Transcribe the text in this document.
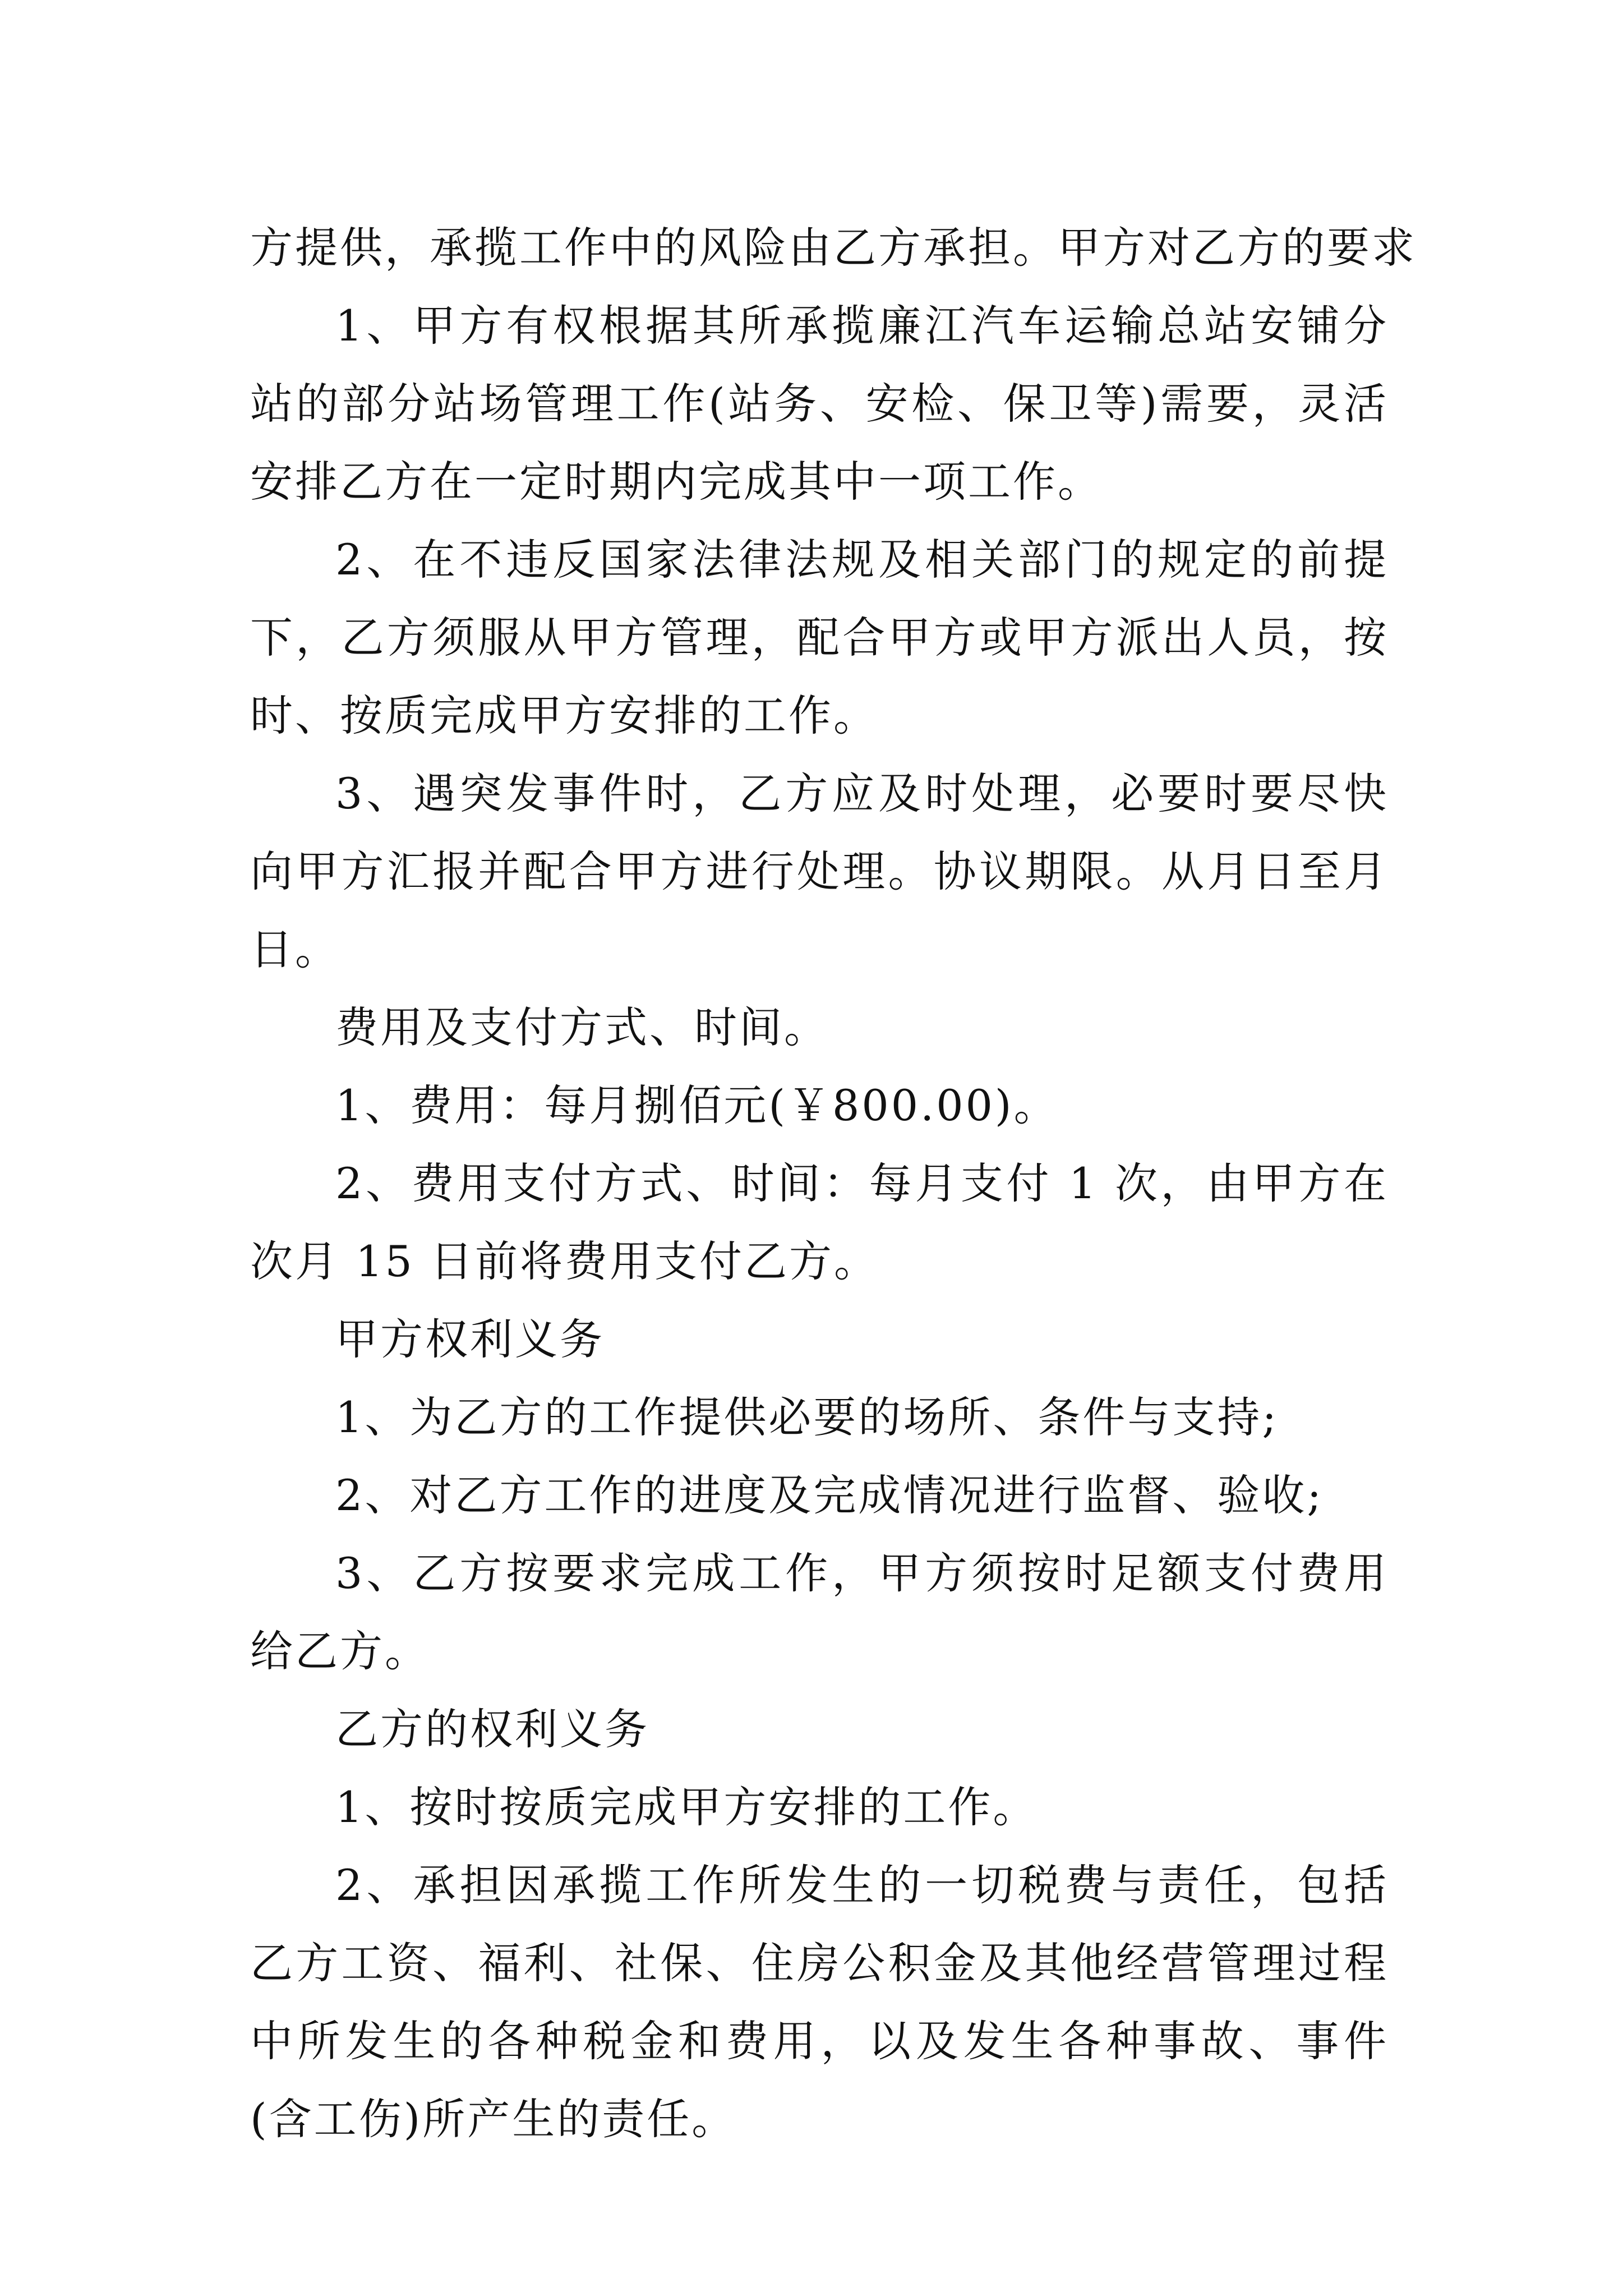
方提供，承揽工作中的风险由乙方承担。甲方对乙方的要求

1、甲方有权根据其所承揽廉江汽车运输总站安铺分站的部分站场管理工作(站务、安检、保卫等)需要，灵活安排乙方在一定时期内完成其中一项工作。

2、在不违反国家法律法规及相关部门的规定的前提下，乙方须服从甲方管理，配合甲方或甲方派出人员，按时、按质完成甲方安排的工作。

3、遇突发事件时，乙方应及时处理，必要时要尽快向甲方汇报并配合甲方进行处理。协议期限。从月日至月日。

费用及支付方式、时间。

1、费用：每月捌佰元(￥800.00)。

2、费用支付方式、时间：每月支付 1 次，由甲方在次月 15 日前将费用支付乙方。

甲方权利义务

1、为乙方的工作提供必要的场所、条件与支持;

2、对乙方工作的进度及完成情况进行监督、验收;

3、乙方按要求完成工作，甲方须按时足额支付费用给乙方。

乙方的权利义务

1、按时按质完成甲方安排的工作。

2、承担因承揽工作所发生的一切税费与责任，包括乙方工资、福利、社保、住房公积金及其他经营管理过程中所发生的各种税金和费用，以及发生各种事故、事件(含工伤)所产生的责任。
